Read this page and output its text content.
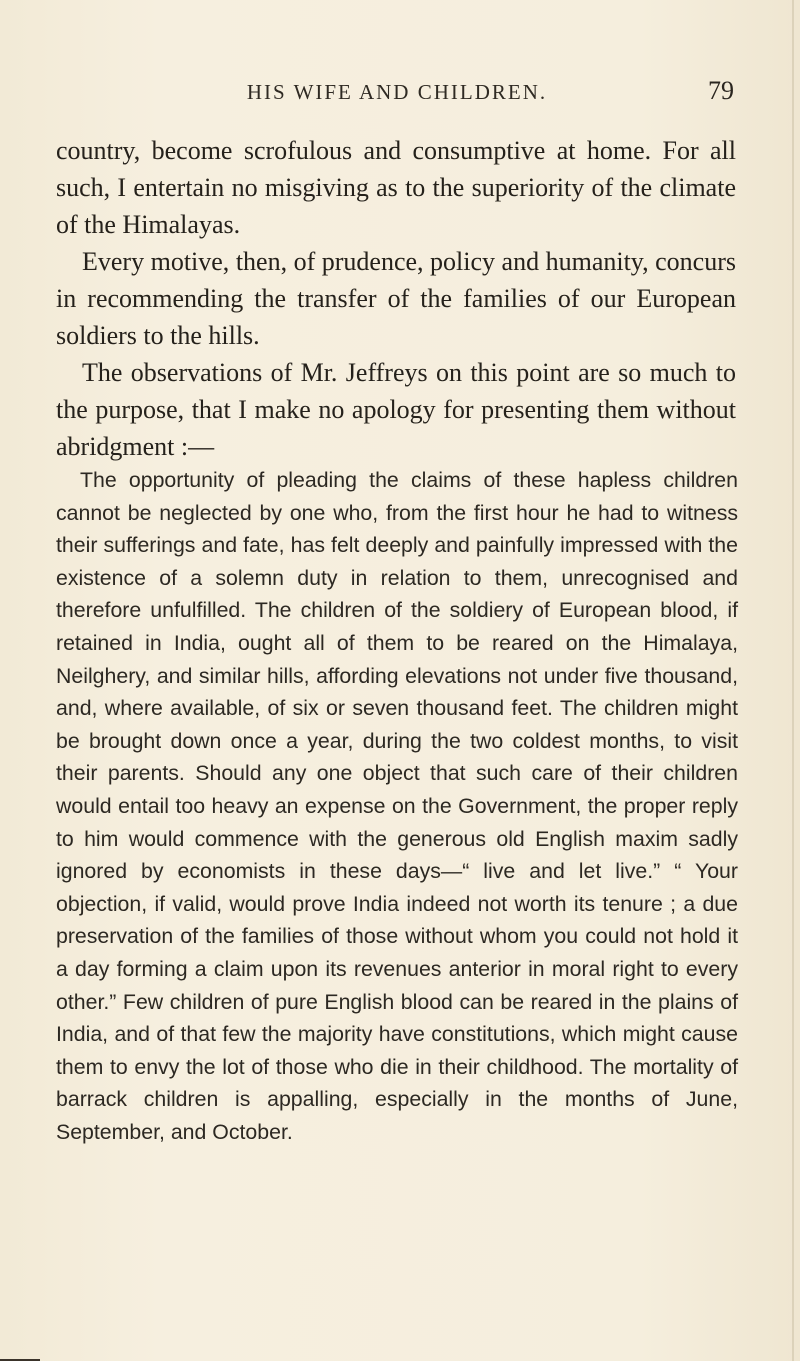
HIS WIFE AND CHILDREN.	79

country, become scrofulous and consumptive at home. For all such, I entertain no misgiving as to the superiority of the climate of the Himalayas.

Every motive, then, of prudence, policy and humanity, concurs in recommending the transfer of the families of our European soldiers to the hills.

The observations of Mr. Jeffreys on this point are so much to the purpose, that I make no apology for presenting them without abridgment :—

The opportunity of pleading the claims of these hapless children cannot be neglected by one who, from the first hour he had to witness their sufferings and fate, has felt deeply and painfully impressed with the existence of a solemn duty in relation to them, unrecognised and therefore unfulfilled. The children of the soldiery of European blood, if retained in India, ought all of them to be reared on the Himalaya, Neilghery, and similar hills, affording elevations not under five thousand, and, where available, of six or seven thousand feet. The children might be brought down once a year, during the two coldest months, to visit their parents. Should any one object that such care of their children would entail too heavy an expense on the Government, the proper reply to him would commence with the generous old English maxim sadly ignored by economists in these days—“ live and let live.” “ Your objection, if valid, would prove India indeed not worth its tenure ; a due preservation of the families of those without whom you could not hold it a day forming a claim upon its revenues anterior in moral right to every other.” Few children of pure English blood can be reared in the plains of India, and of that few the majority have constitutions, which might cause them to envy the lot of those who die in their childhood. The mortality of barrack children is appalling, especially in the months of June, September, and October.
